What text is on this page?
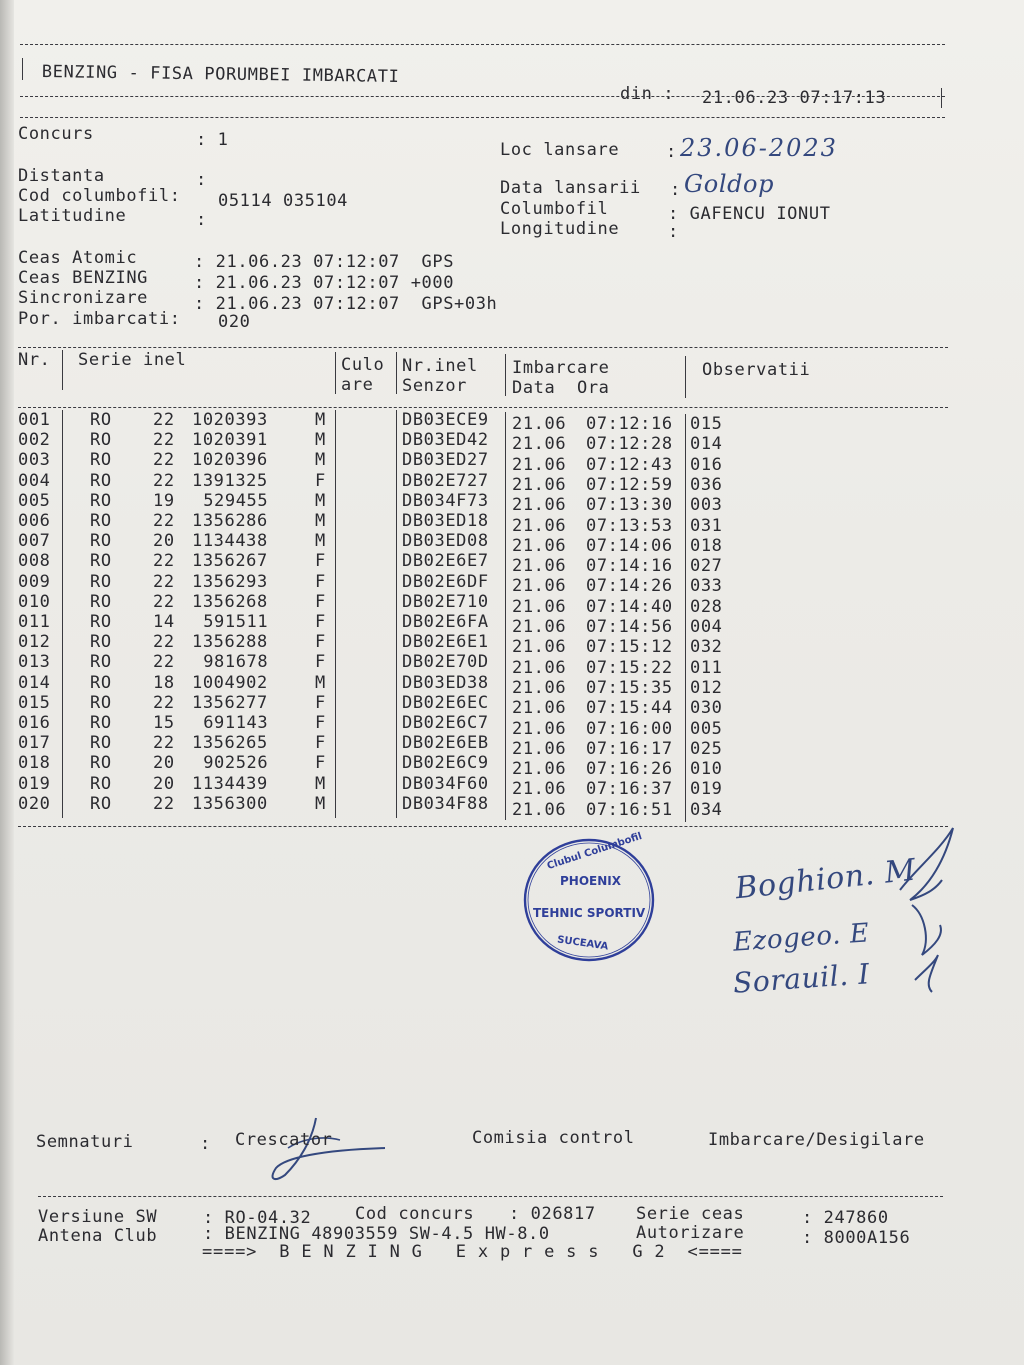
BENZING - FISA PORUMBEI IMBARCATI
din : 21.06.23 07:17:13
Concurs	: 1
Distanta	:
Cod columbofil: 05114 035104
Latitudine	:
Loc lansare	: 23.06-2023
Data lansarii : Goldop
Columbofil	: GAFENCU IONUT
Longitudine	:
Ceas Atomic	: 21.06.23 07:12:07  GPS
Ceas BENZING	: 21.06.23 07:12:07 +000
Sincronizare	: 21.06.23 07:12:07  GPS+03h
Por. imbarcati: 020
Nr. Serie inel	Culo
are
Nr.inel
Senzor
Imbarcare
Data  Ora
Observatii
001 RO 22 1020393	M	DB03ECE9 21.06 07:12:16 015
002 RO 22 1020391	M	DB03ED42 21.06 07:12:28 014
003 RO 22 1020396	M	DB03ED27 21.06 07:12:43 016
004 RO 22 1391325	F	DB02E727 21.06 07:12:59 036
005 RO 19 529455	M	DB034F73 21.06 07:13:30 003
006 RO 22 1356286	M	DB03ED18 21.06 07:13:53 031
007 RO 20 1134438	M	DB03ED08 21.06 07:14:06 018
008 RO 22 1356267	F	DB02E6E7 21.06 07:14:16 027
009 RO 22 1356293	F	DB02E6DF 21.06 07:14:26 033
010 RO 22 1356268	F	DB02E710 21.06 07:14:40 028
011 RO 14 591511	F	DB02E6FA 21.06 07:14:56 004
012 RO 22 1356288	F	DB02E6E1 21.06 07:15:12 032
013 RO 22 981678	F	DB02E70D 21.06 07:15:22 011
014 RO 18 1004902	M	DB03ED38 21.06 07:15:35 012
015 RO 22 1356277	F	DB02E6EC 21.06 07:15:44 030
016 RO 15 691143	F	DB02E6C7 21.06 07:16:00 005
017 RO 22 1356265	F	DB02E6EB 21.06 07:16:17 025
018 RO 20 902526	F	DB02E6C9 21.06 07:16:26 010
019 RO 20 1134439	M	DB034F60 21.06 07:16:37 019
020 RO 22 1356300	M	DB034F88 21.06 07:16:51 034
Clubul Columbofil
PHOENIX
TEHNIC SPORTIV
SUCEAVA
Boghion. M
Ezogeo. E
Sorauil. I
Semnaturi	: Crescator	Comisia control	Imbarcare/Desigilare
Versiune SW	: RO-04.32	Cod concurs : 026817 Serie ceas	: 247860
Antena Club	: BENZING 48903559 SW-4.5 HW-8.0	Autorizare	: 8000A156
====>  B E N Z I N G   E x p r e s s   G 2  <====
